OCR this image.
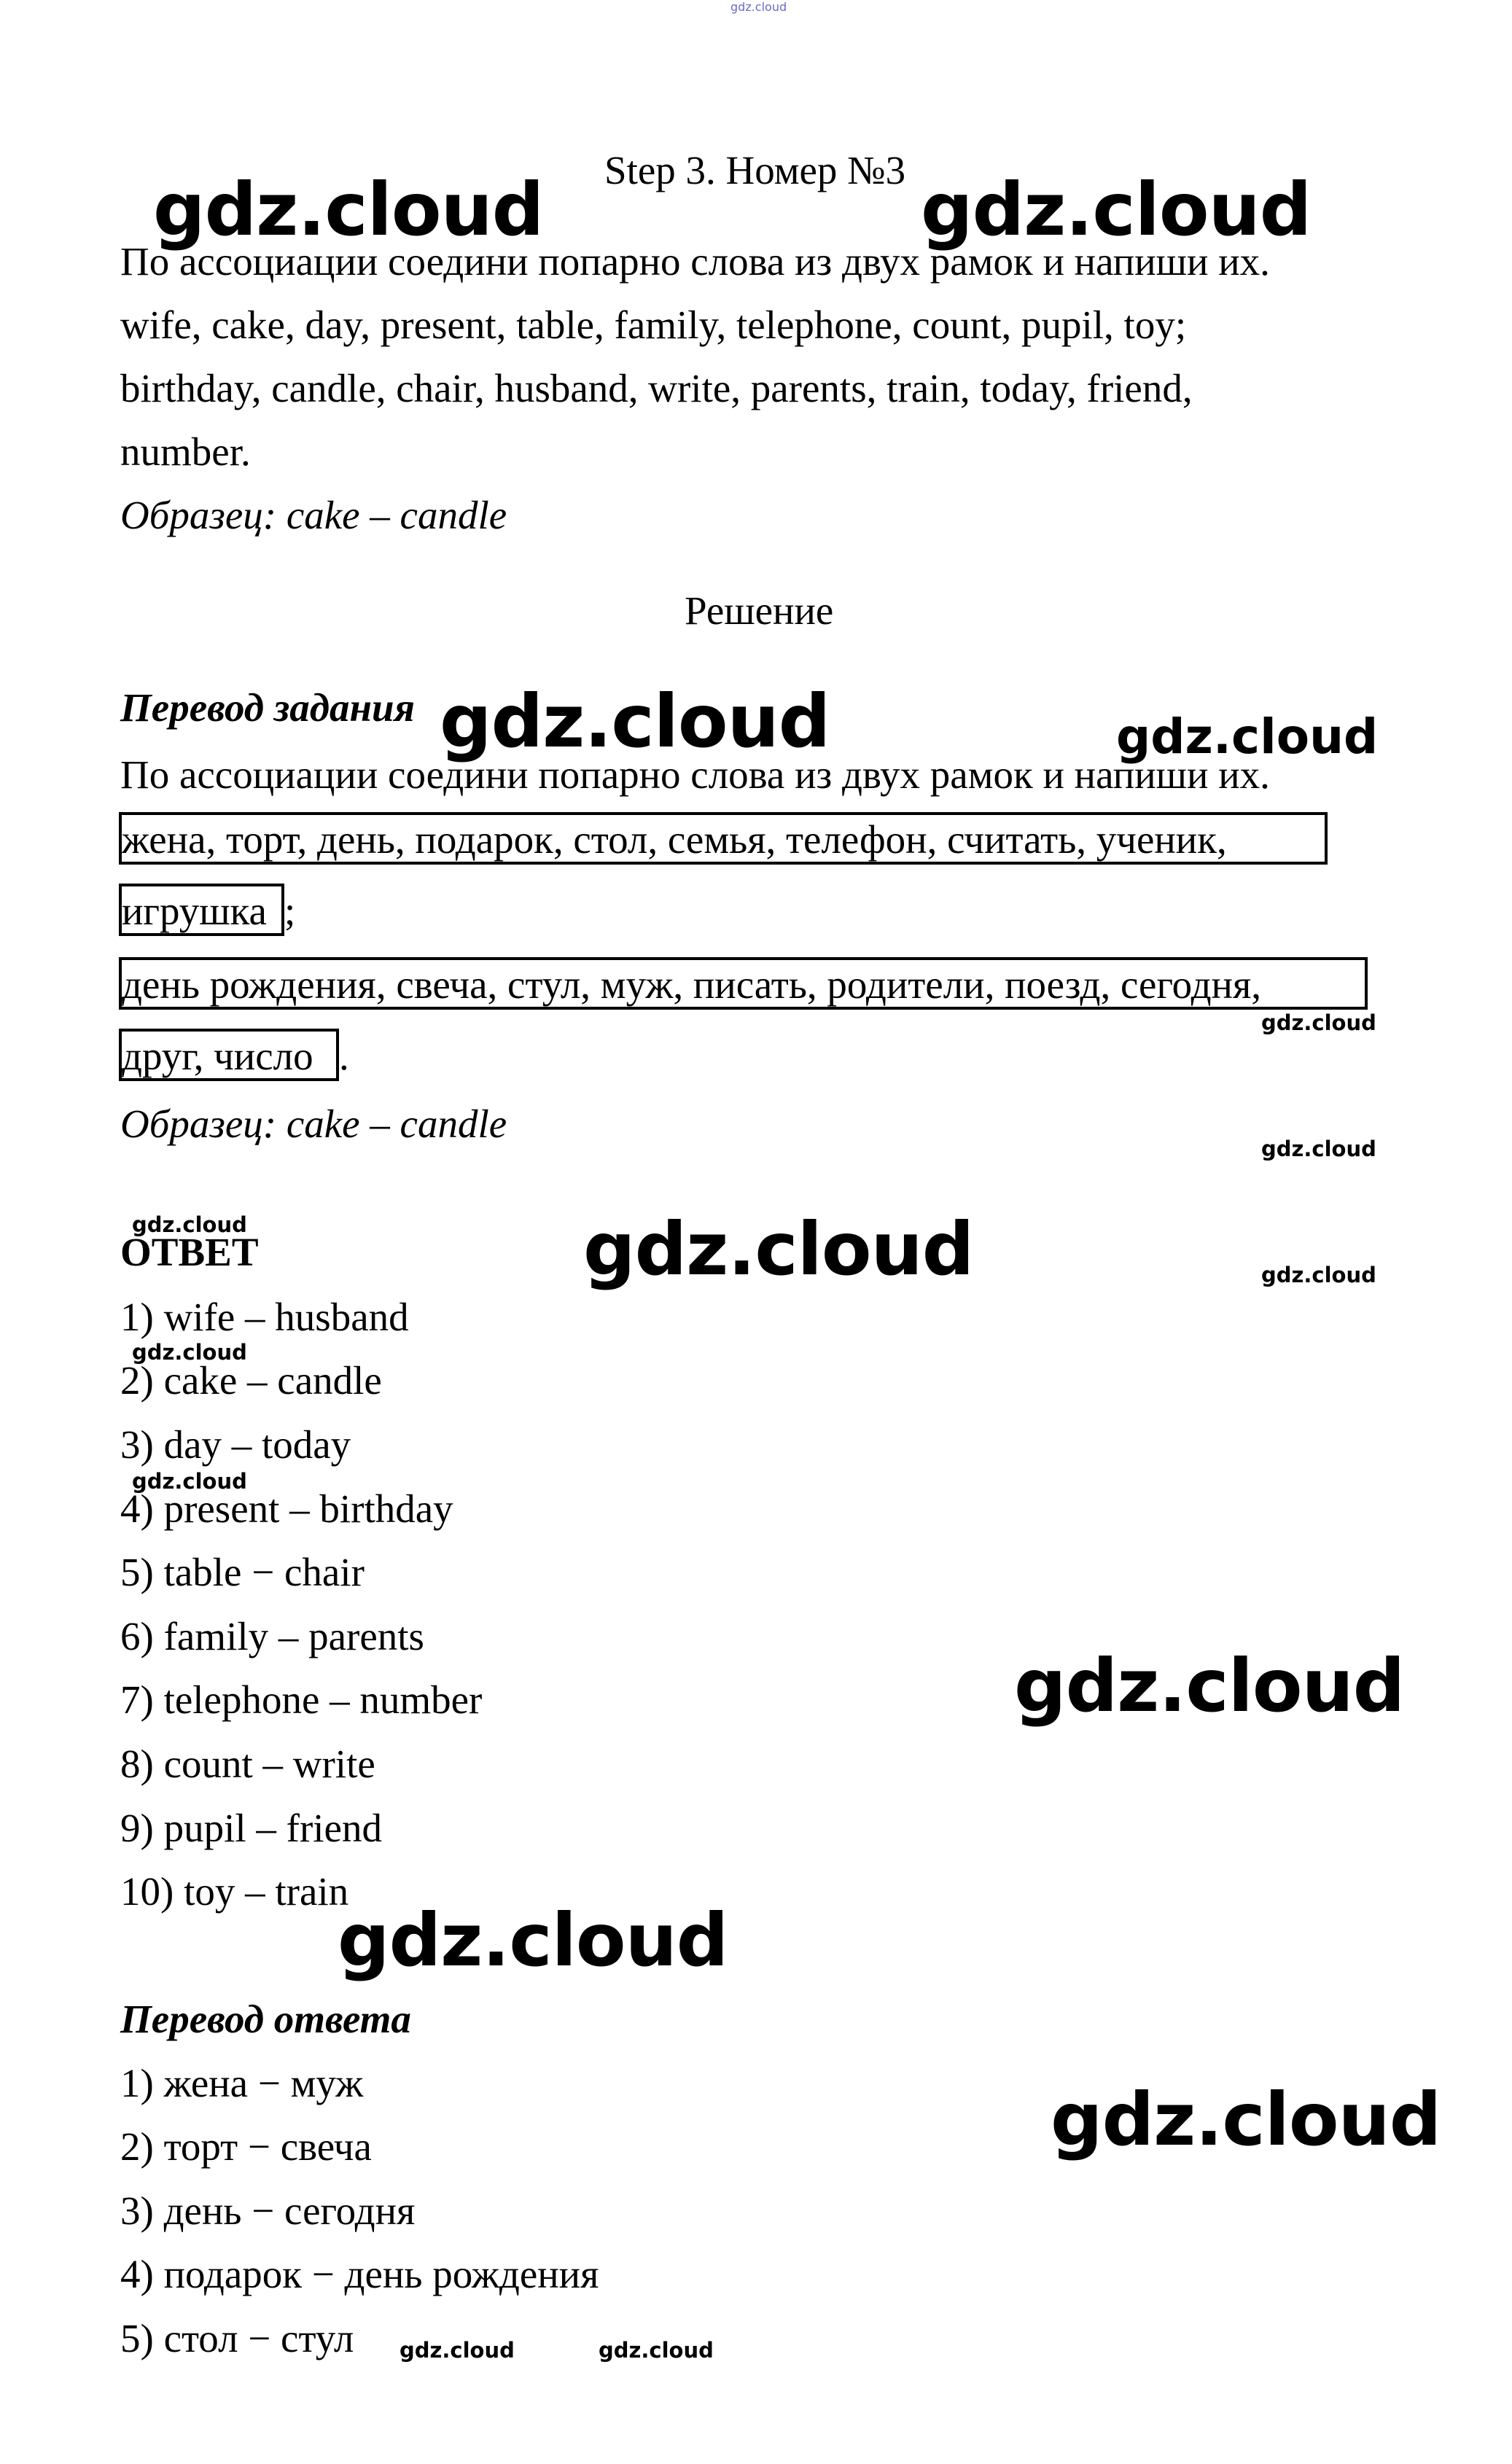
gdz.cloud

Step 3. Номер №3

По ассоциации соедини попарно слова из двух рамок и напиши их.

wife, cake, day, present, table, family, telephone, count, pupil, toy;

birthday, candle, chair, husband, write, parents, train, today, friend,

number.

Образец: cake – candle

Решение

Перевод задания

По ассоциации соедини попарно слова из двух рамок и напиши их.

жена, торт, день, подарок, стол, семья, телефон, считать, ученик,

игрушка ;

день рождения, свеча, стул, муж, писать, родители, поезд, сегодня,

друг, число .

Образец: cake – candle

ОТВЕТ

1) wife – husband

2) cake – candle

3) day – today

4) present – birthday

5) table − chair

6) family – parents

7) telephone – number

8) count – write

9) pupil – friend

10) toy – train

Перевод ответа

1) жена − муж

2) торт − свеча

3) день − сегодня

4) подарок − день рождения

5) стол − стул

gdz.cloud	gdz.cloud

gdz.cloud	gdz.cloud

gdz.cloud

gdz.cloud

gdz.cloud	gdz.cloud	gdz.cloud

gdz.cloud

gdz.cloud

gdz.cloud

gdz.cloud

gdz.cloud

gdz.cloud	gdz.cloud
